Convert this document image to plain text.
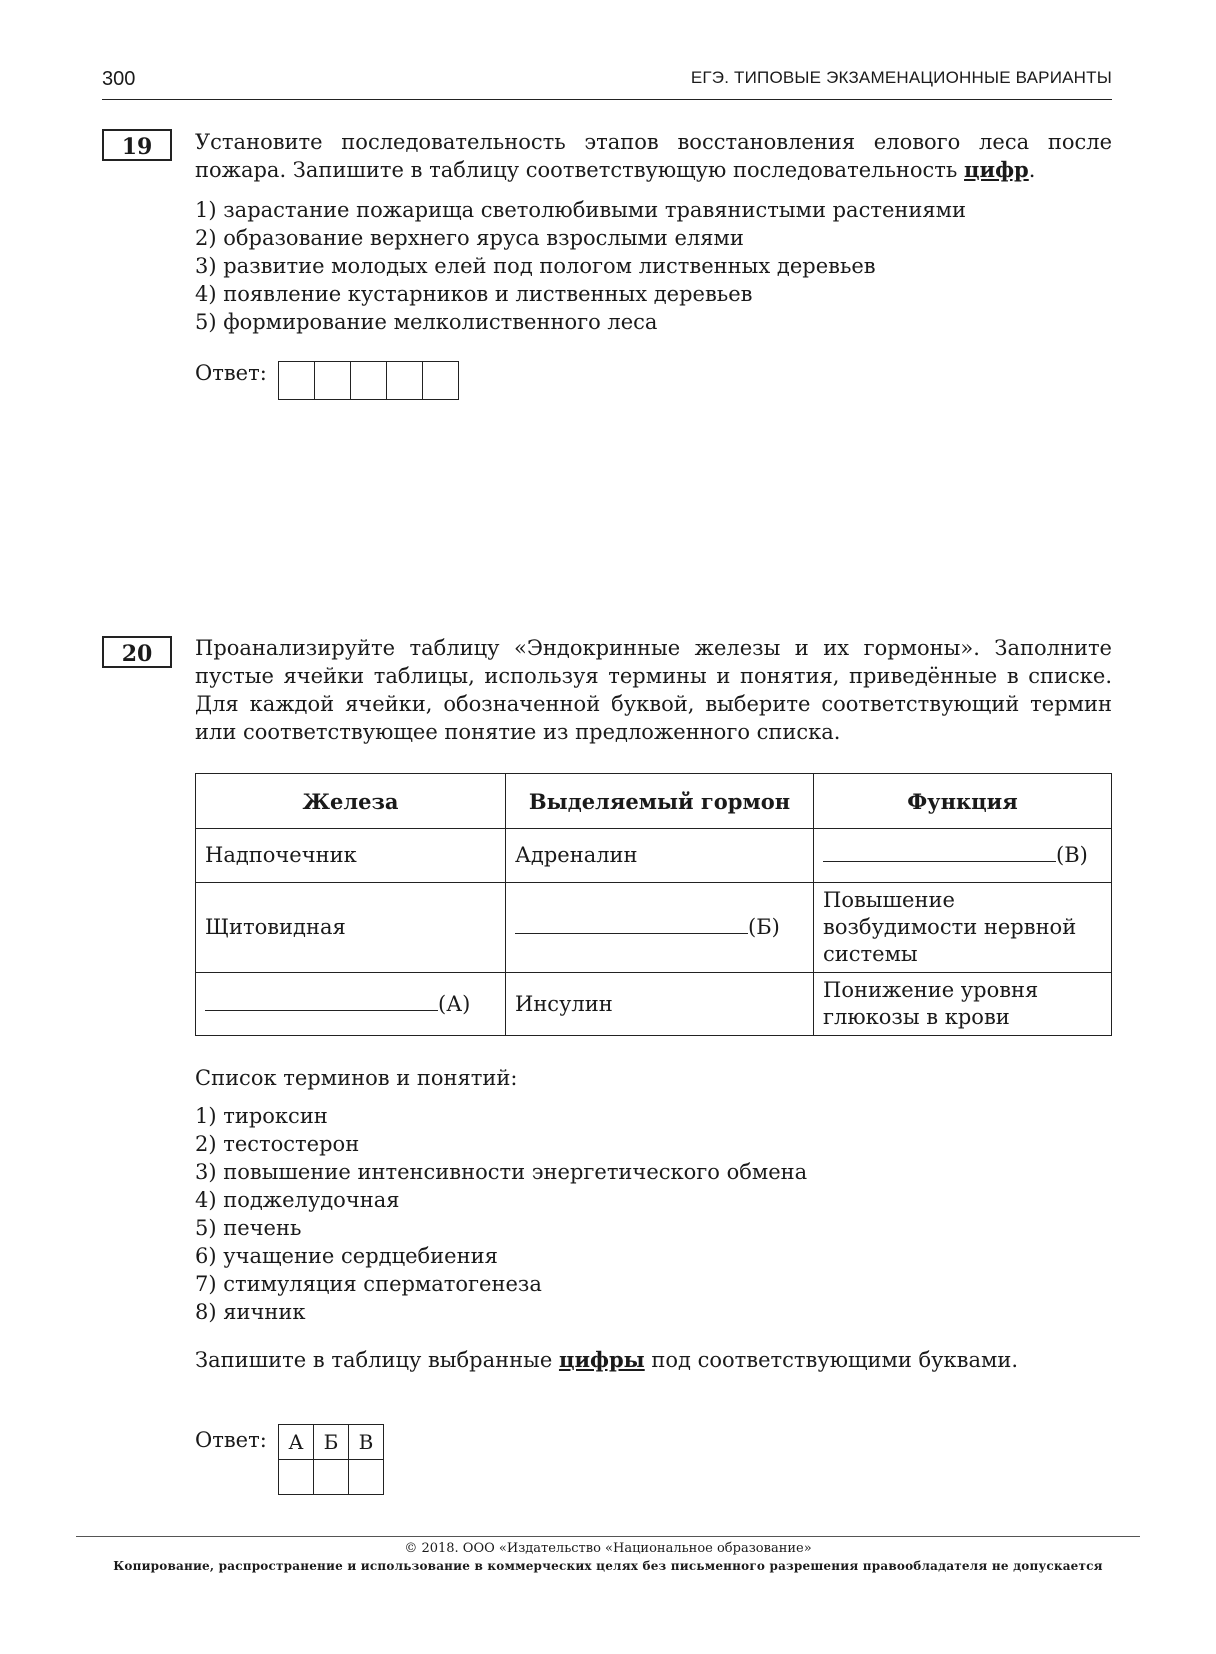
300	ЕГЭ. ТИПОВЫЕ ЭКЗАМЕНАЦИОННЫЕ ВАРИАНТЫ
19	Установите последовательность этапов восстановления елового леса после пожара. Запишите в таблицу соответствующую последовательность цифр.

1) зарастание пожарища светолюбивыми травянистыми растениями
2) образование верхнего яруса взрослыми елями
3) развитие молодых елей под пологом лиственных деревьев
4) появление кустарников и лиственных деревьев
5) формирование мелколиственного леса
Ответ:
20	Проанализируйте таблицу «Эндокринные железы и их гормоны». Заполните пустые ячейки таблицы, используя термины и понятия, приведённые в списке. Для каждой ячейки, обозначенной буквой, выберите соответствующий термин или соответствующее понятие из предложенного списка.

Железа	Выделяемый гормон	Функция
Надпочечник	Адреналин	(В)
Щитовидная	(Б)	Повышение возбудимости нервной системы
(А)	Инсулин	Понижение уровня глюкозы в крови
Список терминов и понятий:
1) тироксин
2) тестостерон
3) повышение интенсивности энергетического обмена
4) поджелудочная
5) печень
6) учащение сердцебиения
7) стимуляция сперматогенеза
8) яичник

Запишите в таблицу выбранные цифры под соответствующими буквами.

Ответ: А	Б	В

© 2018. ООО «Издательство «Национальное образование»
Копирование, распространение и использование в коммерческих целях без письменного разрешения правообладателя не допускается
